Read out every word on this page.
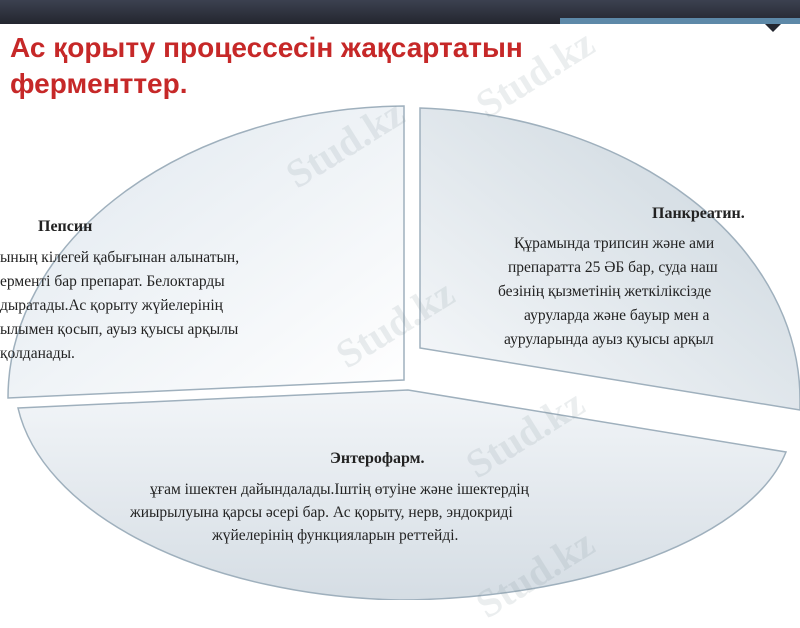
Stud.kz
Ас қорыту процессесін жақсартатын ферменттер.
Пепсин
ының кілегей қабығынан алынатын,
ерменті бар препарат. Белоктарды
дыратады.Ас қорыту жүйелерінің
ылымен қосып, ауыз қуысы арқылы
қолданады.
Панкреатин.
Құрамында трипсин және ами
препаратта 25 ӘБ бар, суда наш
безінің қызметінің жеткіліксізде
ауруларда және бауыр мен а
ауруларында ауыз қуысы арқыл
Энтерофарм.
ұғам ішектен дайындалады.Іштің өтуіне және ішектердің
жиырылуына қарсы әсері бар. Ас қорыту, нерв, эндокриді
жүйелерінің функцияларын реттейді.
